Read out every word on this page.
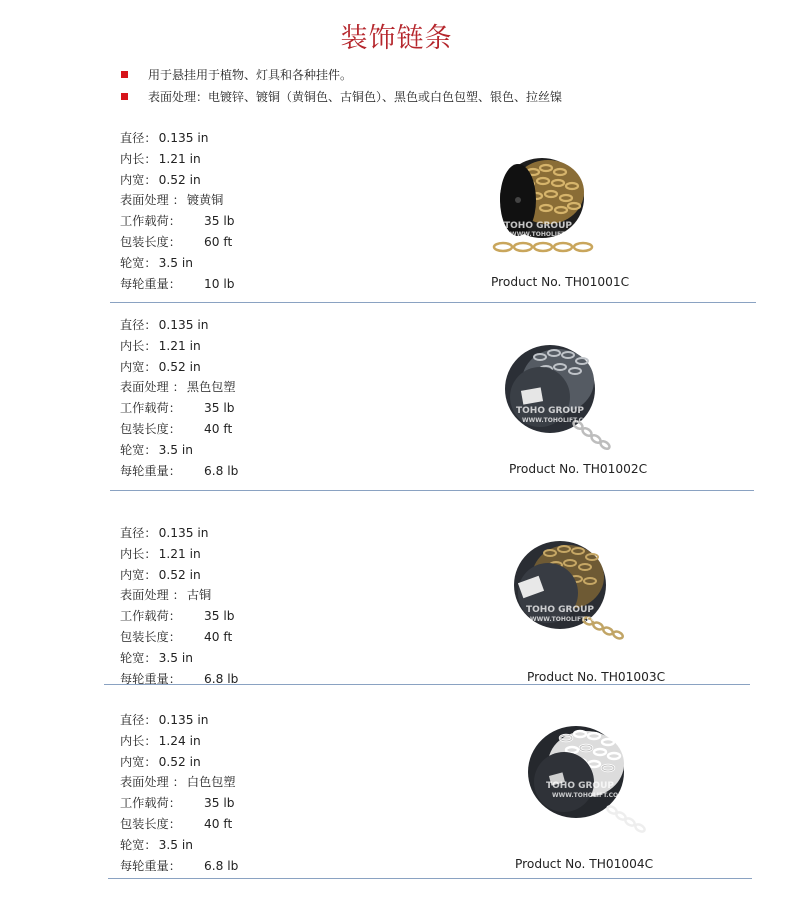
装饰链条
用于悬挂用于植物、灯具和各种挂件。
表面处理：电镀锌、镀铜（黄铜色、古铜色）、黑色或白色包塑、银色、拉丝镍
直径： 0.135 in
内长： 1.21 in
内宽： 0.52 in
表面处理 ： 镀黄铜
工作载荷： 35 lb
包装长度： 60 ft
轮宽： 3.5 in
每轮重量： 10 lb
TOHO GROUP
WWW.TOHOLIFT.COM
Product No. TH01001C
直径： 0.135 in
内长： 1.21 in
内宽： 0.52 in
表面处理 ： 黑色包塑
工作载荷： 35 lb
包装长度： 40 ft
轮宽： 3.5 in
每轮重量： 6.8 lb
TOHO GROUP
WWW.TOHOLIFT.COM
Product No. TH01002C
直径： 0.135 in
内长： 1.21 in
内宽： 0.52 in
表面处理 ： 古铜
工作载荷： 35 lb
包装长度： 40 ft
轮宽： 3.5 in
每轮重量： 6.8 lb
TOHO GROUP
WWW.TOHOLIFT.COM
Product No. TH01003C
直径： 0.135 in
内长： 1.24 in
内宽： 0.52 in
表面处理 ： 白色包塑
工作载荷： 35 lb
包装长度： 40 ft
轮宽： 3.5 in
每轮重量： 6.8 lb
TOHO GROUP
WWW.TOHOLIFT.COM
Product No. TH01004C
